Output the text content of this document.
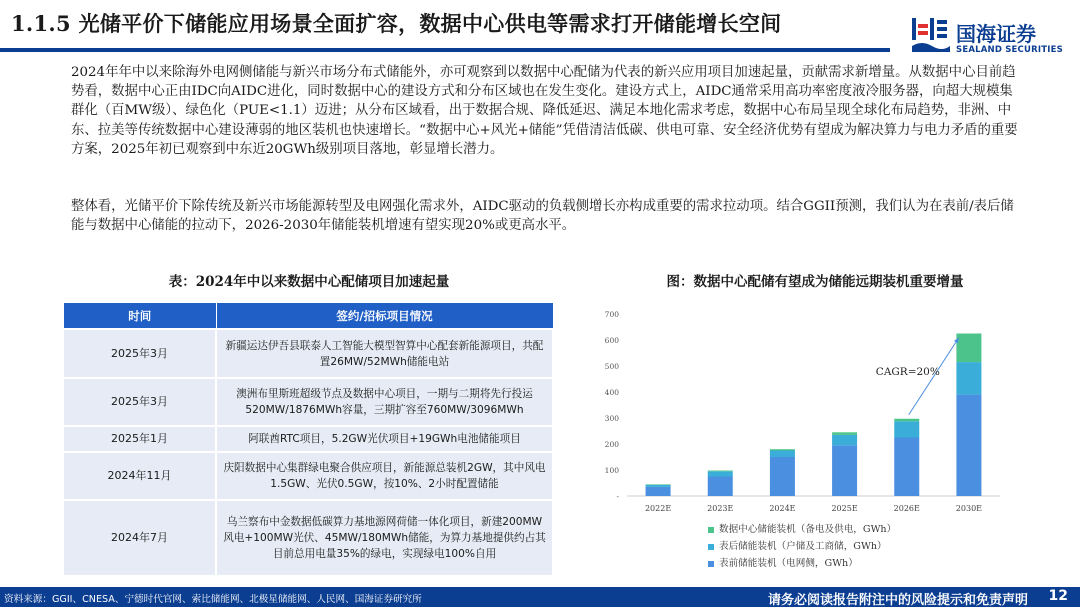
1.1.5 光储平价下储能应用场景全面扩容，数据中心供电等需求打开储能增长空间	国海证券
SEALAND SECURITIES
2024年年中以来除海外电网侧储能与新兴市场分布式储能外，亦可观察到以数据中心配储为代表的新兴应用项目加速起量，贡献需求新增量。从数据中心目前趋势看，数据中心正由IDC向AIDC进化，同时数据中心的建设方式和分布区域也在发生变化。建设方式上，AIDC通常采用高功率密度液冷服务器，向超大规模集群化（百MW级）、绿色化（PUE<1.1）迈进；从分布区域看，出于数据合规、降低延迟、满足本地化需求考虑，数据中心布局呈现全球化布局趋势，非洲、中东、拉美等传统数据中心建设薄弱的地区装机也快速增长。“数据中心+风光+储能”凭借清洁低碳、供电可靠、安全经济优势有望成为解决算力与电力矛盾的重要方案，2025年初已观察到中东近20GWh级别项目落地，彰显增长潜力。
整体看，光储平价下除传统及新兴市场能源转型及电网强化需求外，AIDC驱动的负载侧增长亦构成重要的需求拉动项。结合GGII预测，我们认为在表前/表后储能与数据中心储能的拉动下，2026-2030年储能装机增速有望实现20%或更高水平。
表：2024年中以来数据中心配储项目加速起量	图：数据中心配储有望成为储能远期装机重要增量
时间	签约/招标项目情况
2025年3月	新疆运达伊吾县联泰人工智能大模型智算中心配套新能源项目，共配置26MW/52MWh储能电站
2025年3月	澳洲布里斯班超级节点及数据中心项目，一期与二期将先行投运520MW/1876MWh容量，三期扩容至760MW/3096MWh
2025年1月	阿联酋RTC项目，5.2GW光伏项目+19GWh电池储能项目
2024年11月	庆阳数据中心集群绿电聚合供应项目，新能源总装机2GW，其中风电1.5GW、光伏0.5GW，按10%、2小时配置储能
2024年7月	乌兰察布中金数据低碳算力基地源网荷储一体化项目，新建200MW风电+100MW光伏、45MW/180MWh储能，为算力基地提供约占其目前总用电量35%的绿电，实现绿电100%自用
-
100
200
300
400
500
600
700
2022E	2023E	2024E	2025E	2026E	2030E
CAGR=20%
数据中心储能装机（备电及供电，GWh）
表后储能装机（户储及工商储，GWh）
表前储能装机（电网侧，GWh）
资料来源：GGII、CNESA、宁德时代官网、索比储能网、北极星储能网、人民网、国海证券研究所	请务必阅读报告附注中的风险提示和免责声明 12
